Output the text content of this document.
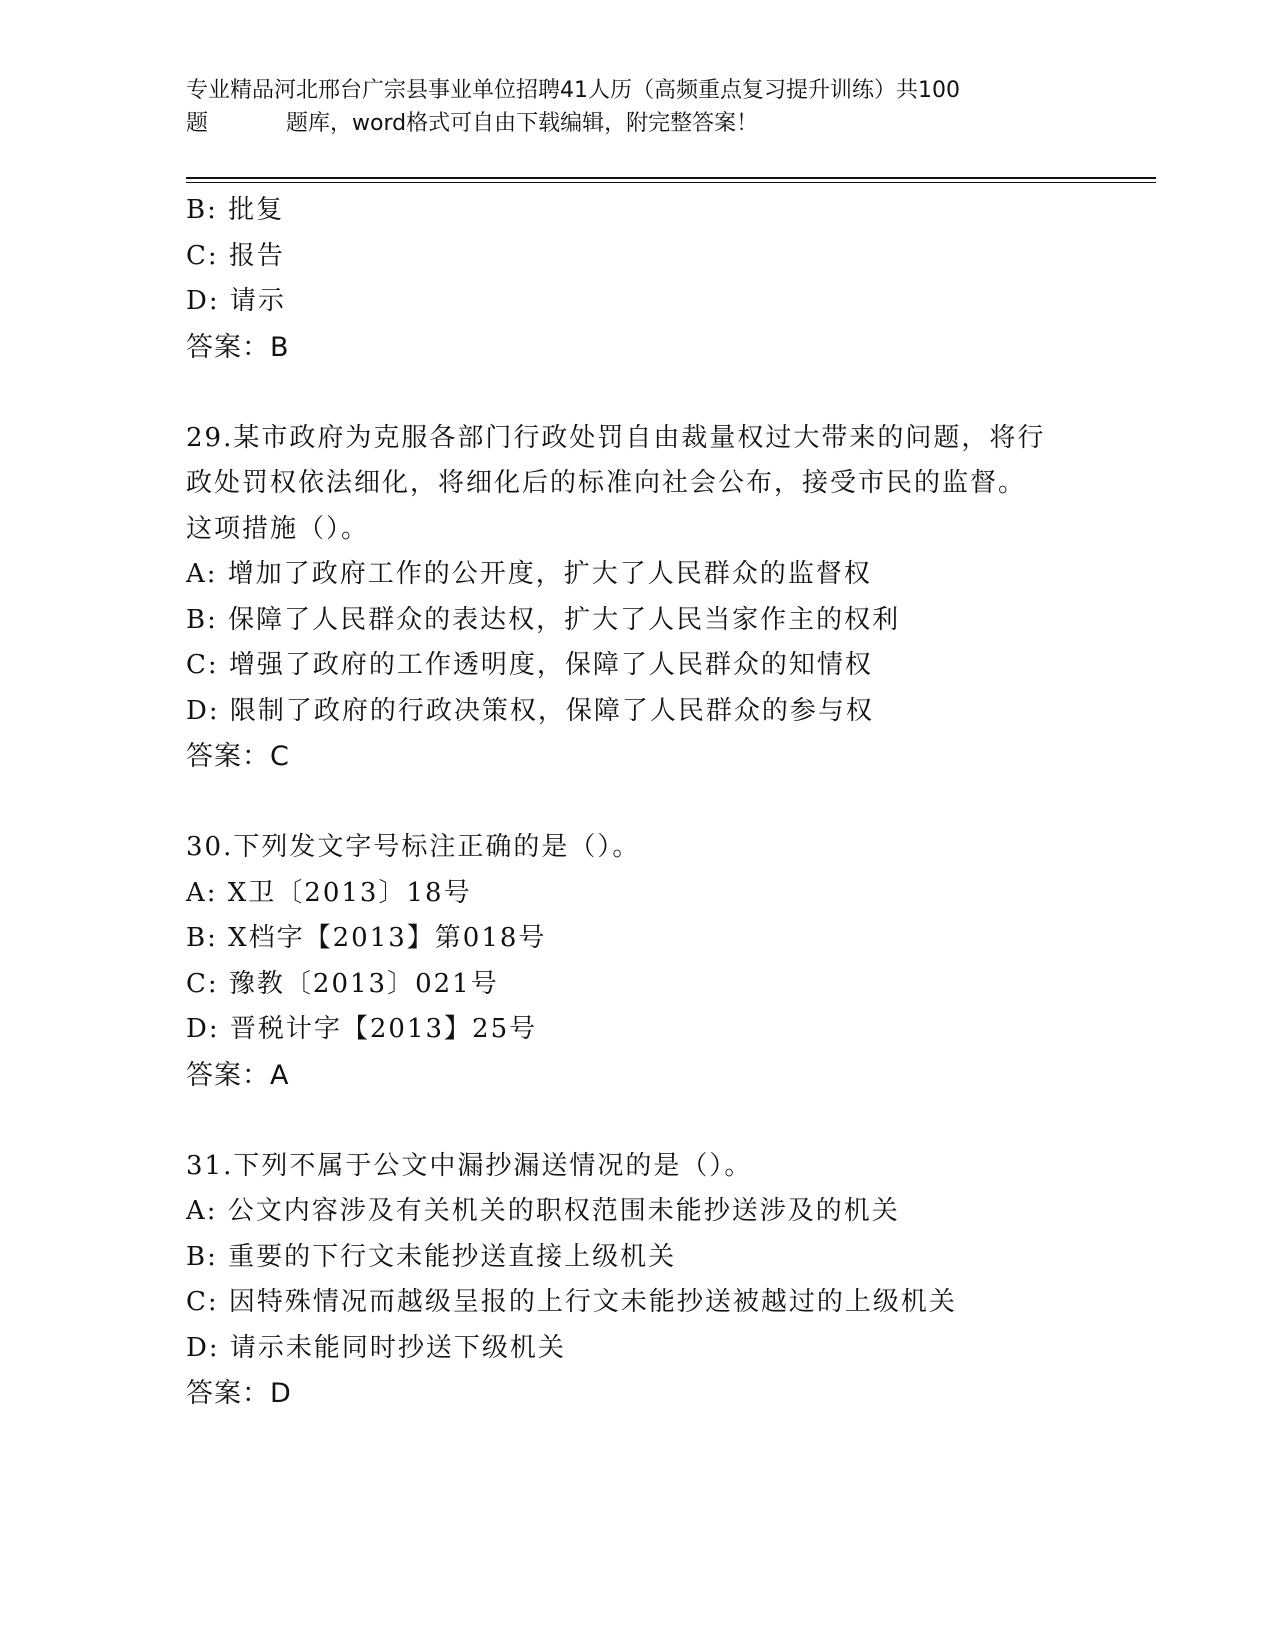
专业精品河北邢台广宗县事业单位招聘41人历（高频重点复习提升训练）共100
题	题库，word格式可自由下载编辑，附完整答案！
B: 批复
C: 报告
D: 请示
答案：B
29.某市政府为克服各部门行政处罚自由裁量权过大带来的问题，将行
政处罚权依法细化，将细化后的标准向社会公布，接受市民的监督。
这项措施（）。
A: 增加了政府工作的公开度，扩大了人民群众的监督权
B: 保障了人民群众的表达权，扩大了人民当家作主的权利
C: 增强了政府的工作透明度，保障了人民群众的知情权
D: 限制了政府的行政决策权，保障了人民群众的参与权
答案：C
30.下列发文字号标注正确的是（）。
A: X卫〔2013〕18号
B: X档字【2013】第018号
C: 豫教〔2013〕021号
D: 晋税计字【2013】25号
答案：A
31.下列不属于公文中漏抄漏送情况的是（）。
A: 公文内容涉及有关机关的职权范围未能抄送涉及的机关
B: 重要的下行文未能抄送直接上级机关
C: 因特殊情况而越级呈报的上行文未能抄送被越过的上级机关
D: 请示未能同时抄送下级机关
答案：D
